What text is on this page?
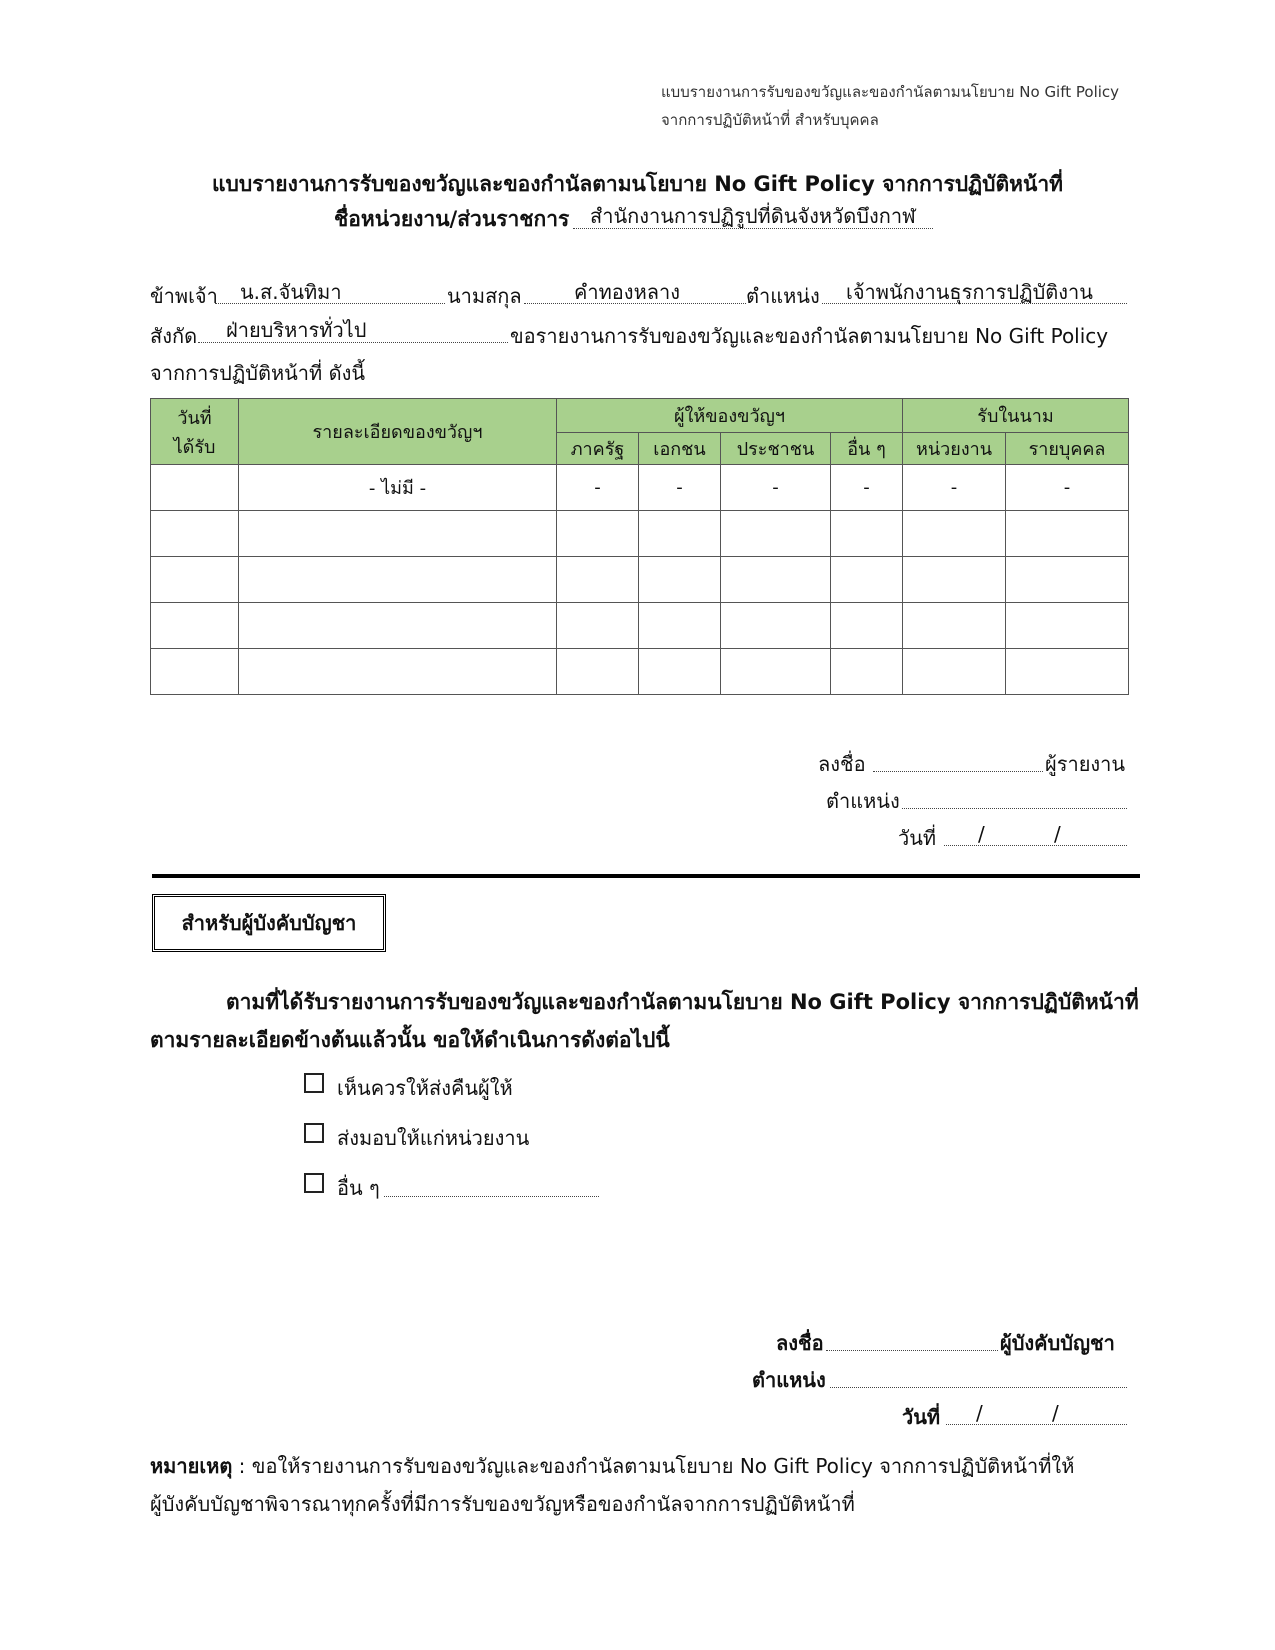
แบบรายงานการรับของขวัญและของกำนัลตามนโยบาย No Gift Policy
จากการปฏิบัติหน้าที่ สำหรับบุคคล
แบบรายงานการรับของขวัญและของกำนัลตามนโยบาย No Gift Policy จากการปฏิบัติหน้าที่
ชื่อหน่วยงาน/ส่วนราชการ สำนักงานการปฏิรูปที่ดินจังหวัดบึงกาฬ
ข้าพเจ้า น.ส.จันทิมา	นามสกุล	คำทองหลาง	ตำแหน่ง เจ้าพนักงานธุรการปฏิบัติงาน
สังกัด ฝ่ายบริหารทั่วไป	ขอรายงานการรับของขวัญและของกำนัลตามนโยบาย No Gift Policy
จากการปฏิบัติหน้าที่ ดังนี้
วันที่
ได้รับ	รายละเอียดของขวัญฯ	ผู้ให้ของขวัญฯ				รับในนาม	
		ภาครัฐ	เอกชน	ประชาชน	อื่น ๆ	หน่วยงาน	รายบุคคล
	- ไม่มี -	-	-	-	-	-	-

ลงชื่อ	ผู้รายงาน
ตำแหน่ง
วันที่ /	/
สำหรับผู้บังคับบัญชา
ตามที่ได้รับรายงานการรับของขวัญและของกำนัลตามนโยบาย No Gift Policy จากการปฏิบัติหน้าที่
ตามรายละเอียดข้างต้นแล้วนั้น ขอให้ดำเนินการดังต่อไปนี้
เห็นควรให้ส่งคืนผู้ให้
ส่งมอบให้แก่หน่วยงาน
อื่น ๆ
ลงชื่อ	ผู้บังคับบัญชา
ตำแหน่ง
วันที่ /	/
หมายเหตุ : ขอให้รายงานการรับของขวัญและของกำนัลตามนโยบาย No Gift Policy จากการปฏิบัติหน้าที่ให้
ผู้บังคับบัญชาพิจารณาทุกครั้งที่มีการรับของขวัญหรือของกำนัลจากการปฏิบัติหน้าที่
